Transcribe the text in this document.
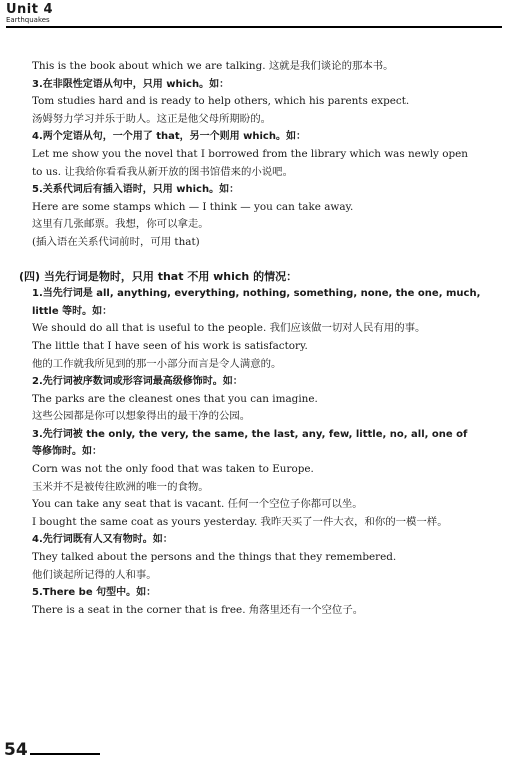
Unit 4
Earthquakes
This is the book about which we are talking. 这就是我们谈论的那本书。
3.在非限性定语从句中，只用 which。如：
Tom studies hard and is ready to help others, which his parents expect.
汤姆努力学习并乐于助人。这正是他父母所期盼的。
4.两个定语从句，一个用了 that，另一个则用 which。如：
Let me show you the novel that I borrowed from the library which was newly open
to us. 让我给你看看我从新开放的图书馆借来的小说吧。
5.关系代词后有插入语时，只用 which。如：
Here are some stamps which — I think — you can take away.
这里有几张邮票。我想，你可以拿走。
(插入语在关系代词前时，可用 that)
(四) 当先行词是物时，只用 that 不用 which 的情况：
1.当先行词是 all, anything, everything, nothing, something, none, the one, much,
little 等时。如：
We should do all that is useful to the people. 我们应该做一切对人民有用的事。
The little that I have seen of his work is satisfactory.
他的工作就我所见到的那一小部分而言是令人满意的。
2.先行词被序数词或形容词最高级修饰时。如：
The parks are the cleanest ones that you can imagine.
这些公园都是你可以想象得出的最干净的公园。
3.先行词被 the only, the very, the same, the last, any, few, little, no, all, one of
等修饰时。如：
Corn was not the only food that was taken to Europe.
玉米并不是被传往欧洲的唯一的食物。
You can take any seat that is vacant. 任何一个空位子你都可以坐。
I bought the same coat as yours yesterday. 我昨天买了一件大衣，和你的一模一样。
4.先行词既有人又有物时。如：
They talked about the persons and the things that they remembered.
他们谈起所记得的人和事。
5.There be 句型中。如：
There is a seat in the corner that is free. 角落里还有一个空位子。
54
